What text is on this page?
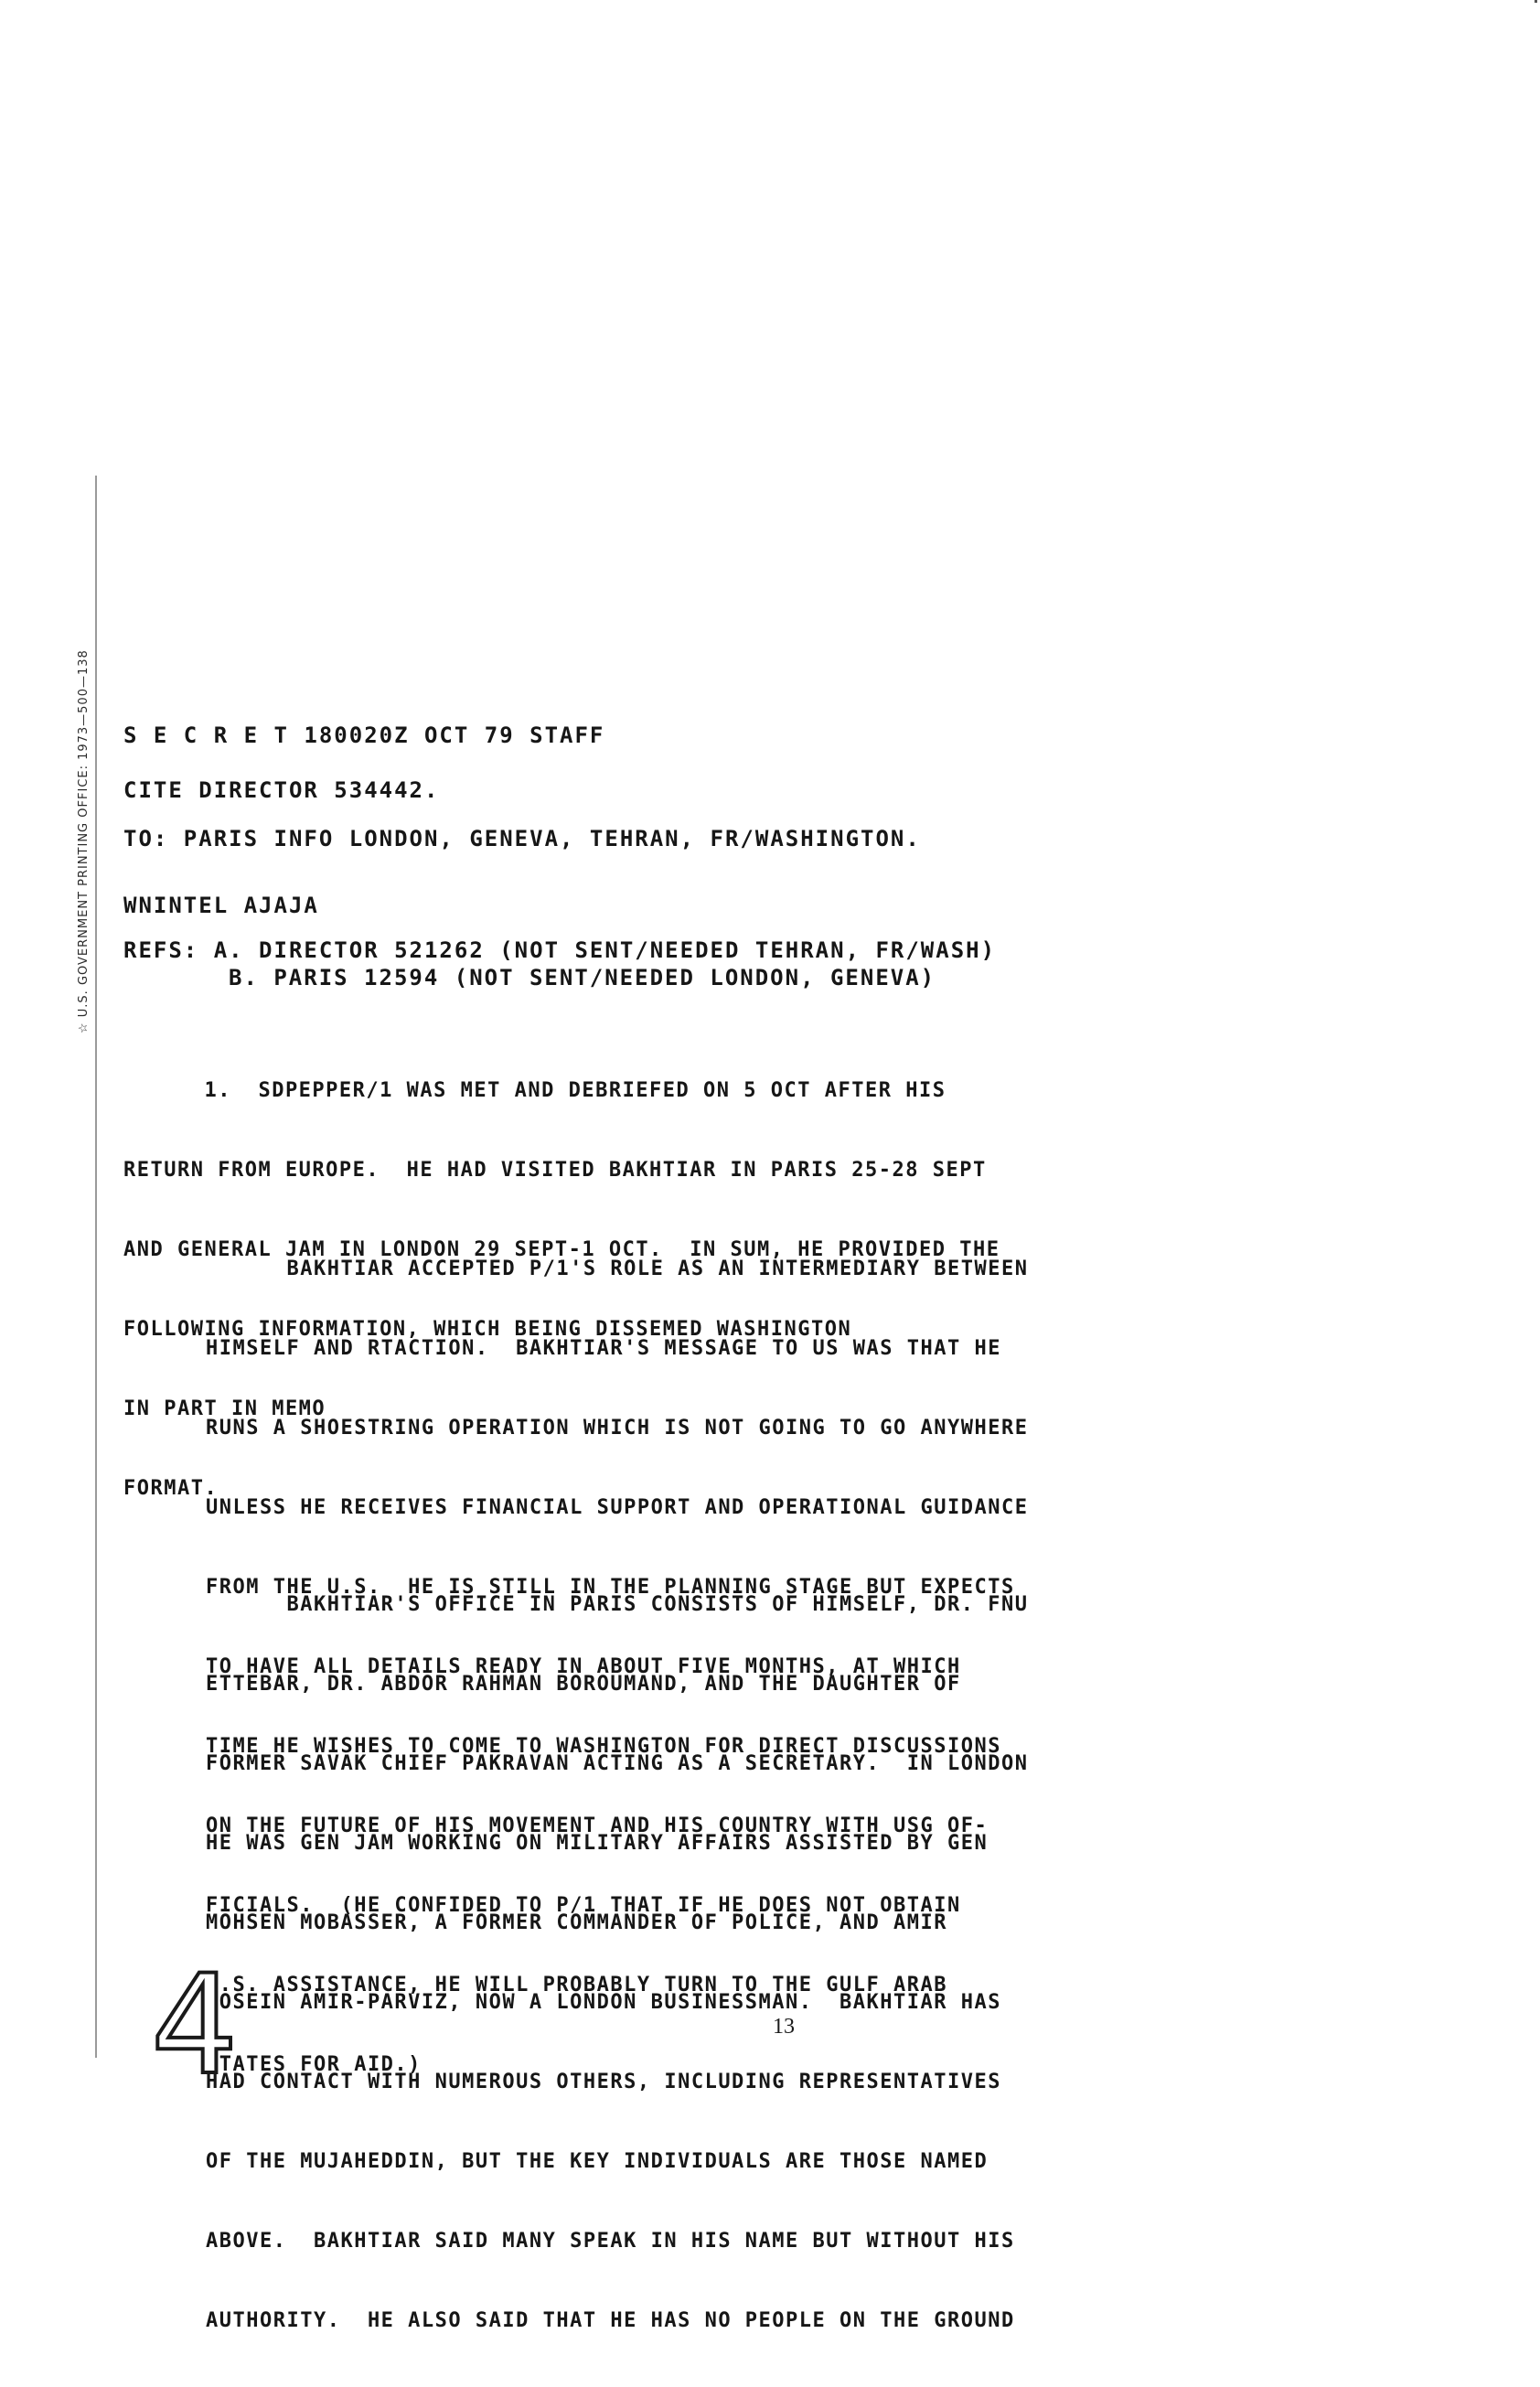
☆ U.S. GOVERNMENT PRINTING OFFICE: 1973—500—138 S E C R E T 180020Z OCT 79 STAFF
CITE DIRECTOR 534442.
TO: PARIS INFO LONDON, GENEVA, TEHRAN, FR/WASHINGTON.
WNINTEL AJAJA
REFS: A. DIRECTOR 521262 (NOT SENT/NEEDED TEHRAN, FR/WASH)
B. PARIS 12594 (NOT SENT/NEEDED LONDON, GENEVA)

1.  SDPEPPER/1 WAS MET AND DEBRIEFED ON 5 OCT AFTER HIS

RETURN FROM EUROPE.  HE HAD VISITED BAKHTIAR IN PARIS 25-28 SEPT

AND GENERAL JAM IN LONDON 29 SEPT-1 OCT.  IN SUM, HE PROVIDED THE

FOLLOWING INFORMATION, WHICH BEING DISSEMED WASHINGTON

IN PART IN MEMO

FORMAT.

BAKHTIAR ACCEPTED P/1'S ROLE AS AN INTERMEDIARY BETWEEN

HIMSELF AND RTACTION.  BAKHTIAR'S MESSAGE TO US WAS THAT HE

RUNS A SHOESTRING OPERATION WHICH IS NOT GOING TO GO ANYWHERE

UNLESS HE RECEIVES FINANCIAL SUPPORT AND OPERATIONAL GUIDANCE

FROM THE U.S.  HE IS STILL IN THE PLANNING STAGE BUT EXPECTS

TO HAVE ALL DETAILS READY IN ABOUT FIVE MONTHS, AT WHICH

TIME HE WISHES TO COME TO WASHINGTON FOR DIRECT DISCUSSIONS

ON THE FUTURE OF HIS MOVEMENT AND HIS COUNTRY WITH USG OF-

FICIALS.  (HE CONFIDED TO P/1 THAT IF HE DOES NOT OBTAIN

U.S. ASSISTANCE, HE WILL PROBABLY TURN TO THE GULF ARAB

STATES FOR AID.)

BAKHTIAR'S OFFICE IN PARIS CONSISTS OF HIMSELF, DR. FNU

ETTEBAR, DR. ABDOR RAHMAN BOROUMAND, AND THE DAUGHTER OF

FORMER SAVAK CHIEF PAKRAVAN ACTING AS A SECRETARY.  IN LONDON

HE WAS GEN JAM WORKING ON MILITARY AFFAIRS ASSISTED BY GEN

MOHSEN MOBASSER, A FORMER COMMANDER OF POLICE, AND AMIR

HOSEIN AMIR-PARVIZ, NOW A LONDON BUSINESSMAN.  BAKHTIAR HAS

HAD CONTACT WITH NUMEROUS OTHERS, INCLUDING REPRESENTATIVES

OF THE MUJAHEDDIN, BUT THE KEY INDIVIDUALS ARE THOSE NAMED

ABOVE.  BAKHTIAR SAID MANY SPEAK IN HIS NAME BUT WITHOUT HIS

AUTHORITY.  HE ALSO SAID THAT HE HAS NO PEOPLE ON THE GROUND

4	13
